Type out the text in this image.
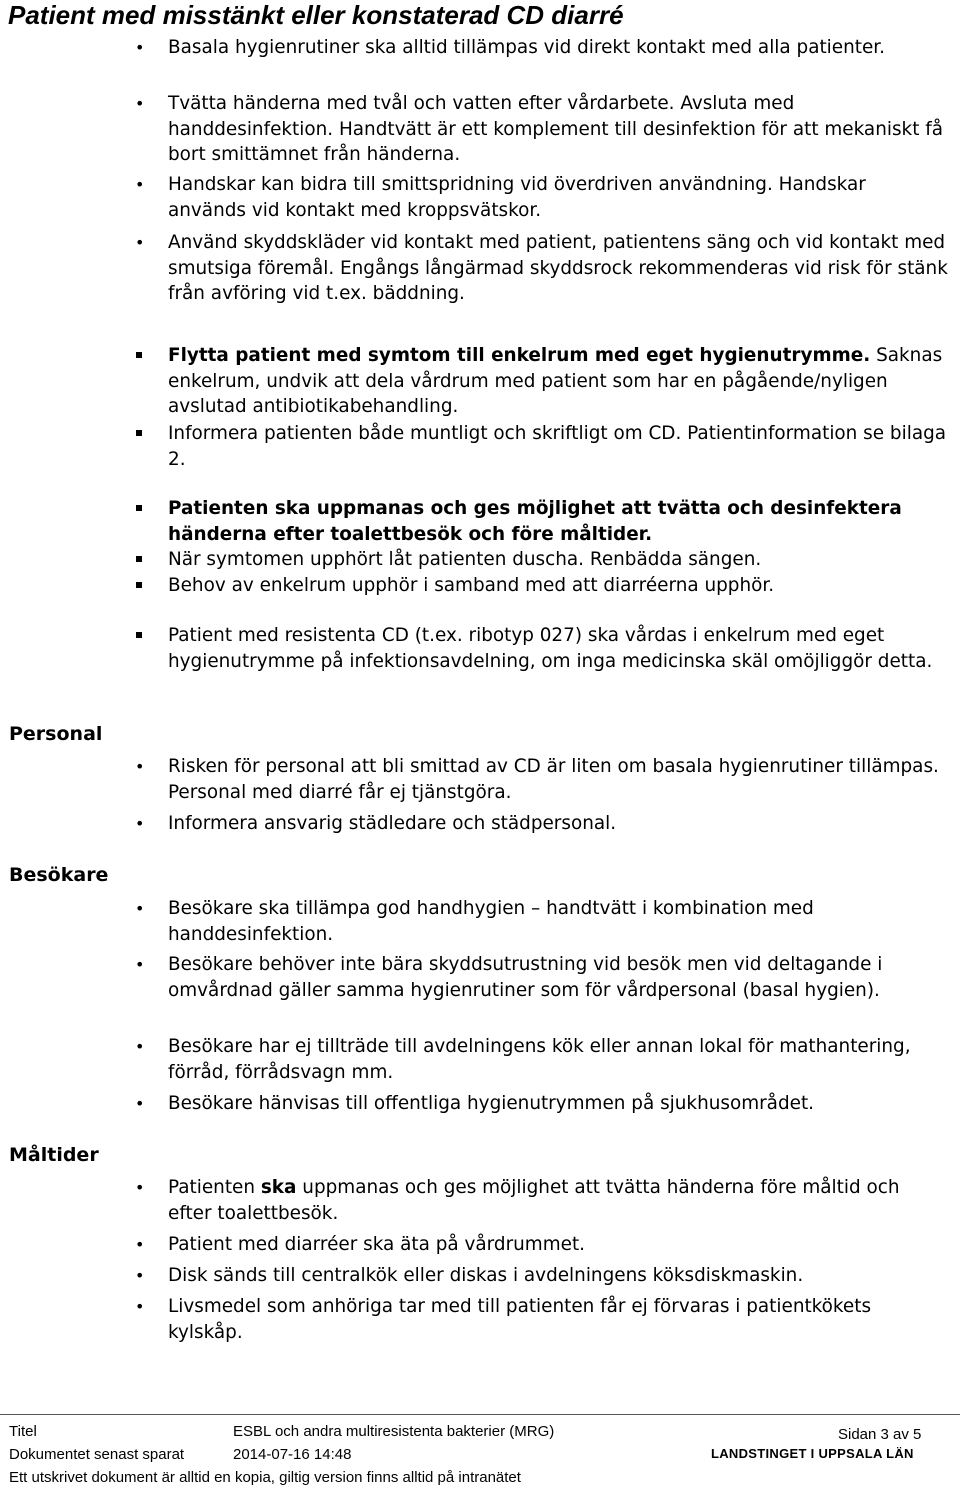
Patient med misstänkt eller konstaterad CD diarré
• Basala hygienrutiner ska alltid tillämpas vid direkt kontakt med alla patienter.
• Tvätta händerna med tvål och vatten efter vårdarbete. Avsluta med handdesinfektion. Handtvätt är ett komplement till desinfektion för att mekaniskt få bort smittämnet från händerna.
• Handskar kan bidra till smittspridning vid överdriven användning. Handskar används vid kontakt med kroppsvätskor.
• Använd skyddskläder vid kontakt med patient, patientens säng och vid kontakt med smutsiga föremål. Engångs långärmad skyddsrock rekommenderas vid risk för stänk från avföring vid t.ex. bäddning.
Flytta patient med symtom till enkelrum med eget hygienutrymme. Saknas enkelrum, undvik att dela vårdrum med patient som har en pågående/nyligen avslutad antibiotikabehandling.
Informera patienten både muntligt och skriftligt om CD. Patientinformation se bilaga 2.
Patienten ska uppmanas och ges möjlighet att tvätta och desinfektera händerna efter toalettbesök och före måltider.
När symtomen upphört låt patienten duscha. Renbädda sängen.
Behov av enkelrum upphör i samband med att diarréerna upphör.
Patient med resistenta CD (t.ex. ribotyp 027) ska vårdas i enkelrum med eget hygienutrymme på infektionsavdelning, om inga medicinska skäl omöjliggör detta.
Personal
• Risken för personal att bli smittad av CD är liten om basala hygienrutiner tillämpas. Personal med diarré får ej tjänstgöra.
• Informera ansvarig städledare och städpersonal.
Besökare
• Besökare ska tillämpa god handhygien – handtvätt i kombination med handdesinfektion.
• Besökare behöver inte bära skyddsutrustning vid besök men vid deltagande i omvårdnad gäller samma hygienrutiner som för vårdpersonal (basal hygien).
• Besökare har ej tillträde till avdelningens kök eller annan lokal för mathantering, förråd, förrådsvagn mm.
• Besökare hänvisas till offentliga hygienutrymmen på sjukhusområdet.
Måltider
• Patienten ska uppmanas och ges möjlighet att tvätta händerna före måltid och efter toalettbesök.
• Patient med diarréer ska äta på vårdrummet.
• Disk sänds till centralkök eller diskas i avdelningens köksdiskmaskin.
• Livsmedel som anhöriga tar med till patienten får ej förvaras i patientkökets kylskåp.
Titel	ESBL och andra multiresistenta bakterier (MRG)	Sidan 3 av 5
Dokumentet senast sparat	2014-07-16 14:48	LANDSTINGET I UPPSALA LÄN
Ett utskrivet dokument är alltid en kopia, giltig version finns alltid på intranätet
